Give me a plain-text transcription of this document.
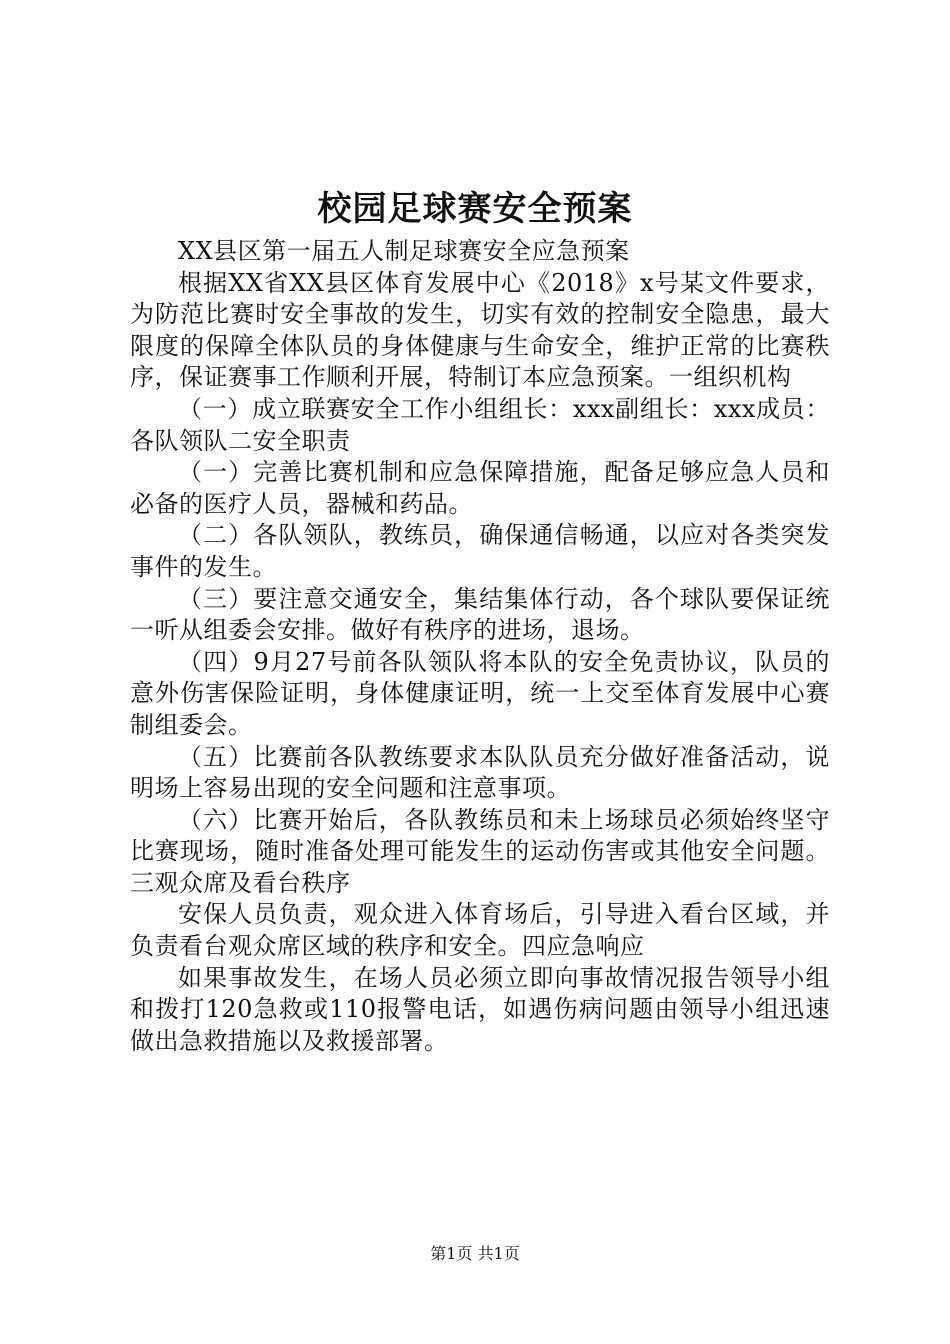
校园足球赛安全预案

XX县区第一届五人制足球赛安全应急预案

根据XX省XX县区体育发展中心《2018》x号某文件要求，为防范比赛时安全事故的发生，切实有效的控制安全隐患，最大限度的保障全体队员的身体健康与生命安全，维护正常的比赛秩序，保证赛事工作顺利开展，特制订本应急预案。一组织机构

（一）成立联赛安全工作小组组长：xxx副组长：xxx成员：各队领队二安全职责

（一）完善比赛机制和应急保障措施，配备足够应急人员和必备的医疗人员，器械和药品。

（二）各队领队，教练员，确保通信畅通，以应对各类突发事件的发生。

（三）要注意交通安全，集结集体行动，各个球队要保证统一听从组委会安排。做好有秩序的进场，退场。

（四）9月27号前各队领队将本队的安全免责协议，队员的意外伤害保险证明，身体健康证明，统一上交至体育发展中心赛制组委会。

（五）比赛前各队教练要求本队队员充分做好准备活动，说明场上容易出现的安全问题和注意事项。

（六）比赛开始后，各队教练员和未上场球员必须始终坚守比赛现场，随时准备处理可能发生的运动伤害或其他安全问题。三观众席及看台秩序

安保人员负责，观众进入体育场后，引导进入看台区域，并负责看台观众席区域的秩序和安全。四应急响应

如果事故发生，在场人员必须立即向事故情况报告领导小组和拨打120急救或110报警电话，如遇伤病问题由领导小组迅速做出急救措施以及救援部署。

第1页 共1页
